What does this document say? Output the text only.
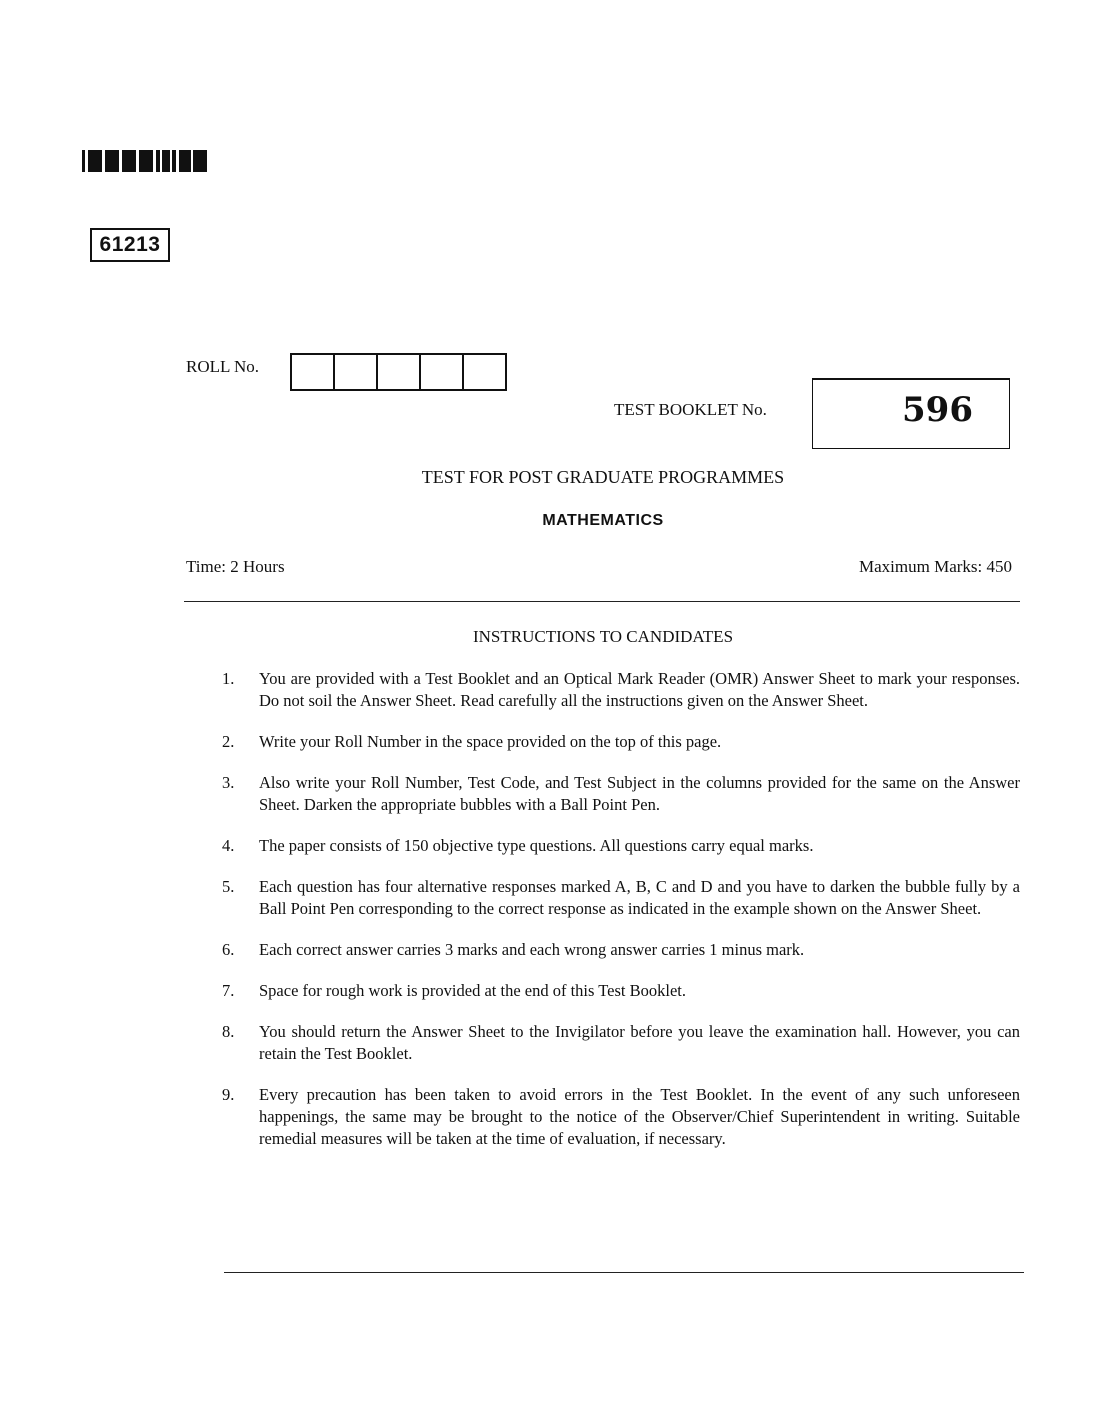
61213
ROLL No.
TEST BOOKLET No.	596
TEST FOR POST GRADUATE PROGRAMMES
MATHEMATICS
Time: 2 Hours	Maximum Marks: 450
INSTRUCTIONS TO CANDIDATES
1.	You are provided with a Test Booklet and an Optical Mark Reader (OMR) Answer Sheet to mark your responses. Do not soil the Answer Sheet. Read carefully all the instructions given on the Answer Sheet.
2.	Write your Roll Number in the space provided on the top of this page.
3.	Also write your Roll Number, Test Code, and Test Subject in the columns provided for the same on the Answer Sheet. Darken the appropriate bubbles with a Ball Point Pen.
4.	The paper consists of 150 objective type questions. All questions carry equal marks.
5.	Each question has four alternative responses marked A, B, C and D and you have to darken the bubble fully by a Ball Point Pen corresponding to the correct response as indicated in the example shown on the Answer Sheet.
6.	Each correct answer carries 3 marks and each wrong answer carries 1 minus mark.
7.	Space for rough work is provided at the end of this Test Booklet.
8.	You should return the Answer Sheet to the Invigilator before you leave the examination hall. However, you can retain the Test Booklet.
9.	Every precaution has been taken to avoid errors in the Test Booklet. In the event of any such unforeseen happenings, the same may be brought to the notice of the Observer/Chief Superintendent in writing. Suitable remedial measures will be taken at the time of evaluation, if necessary.
